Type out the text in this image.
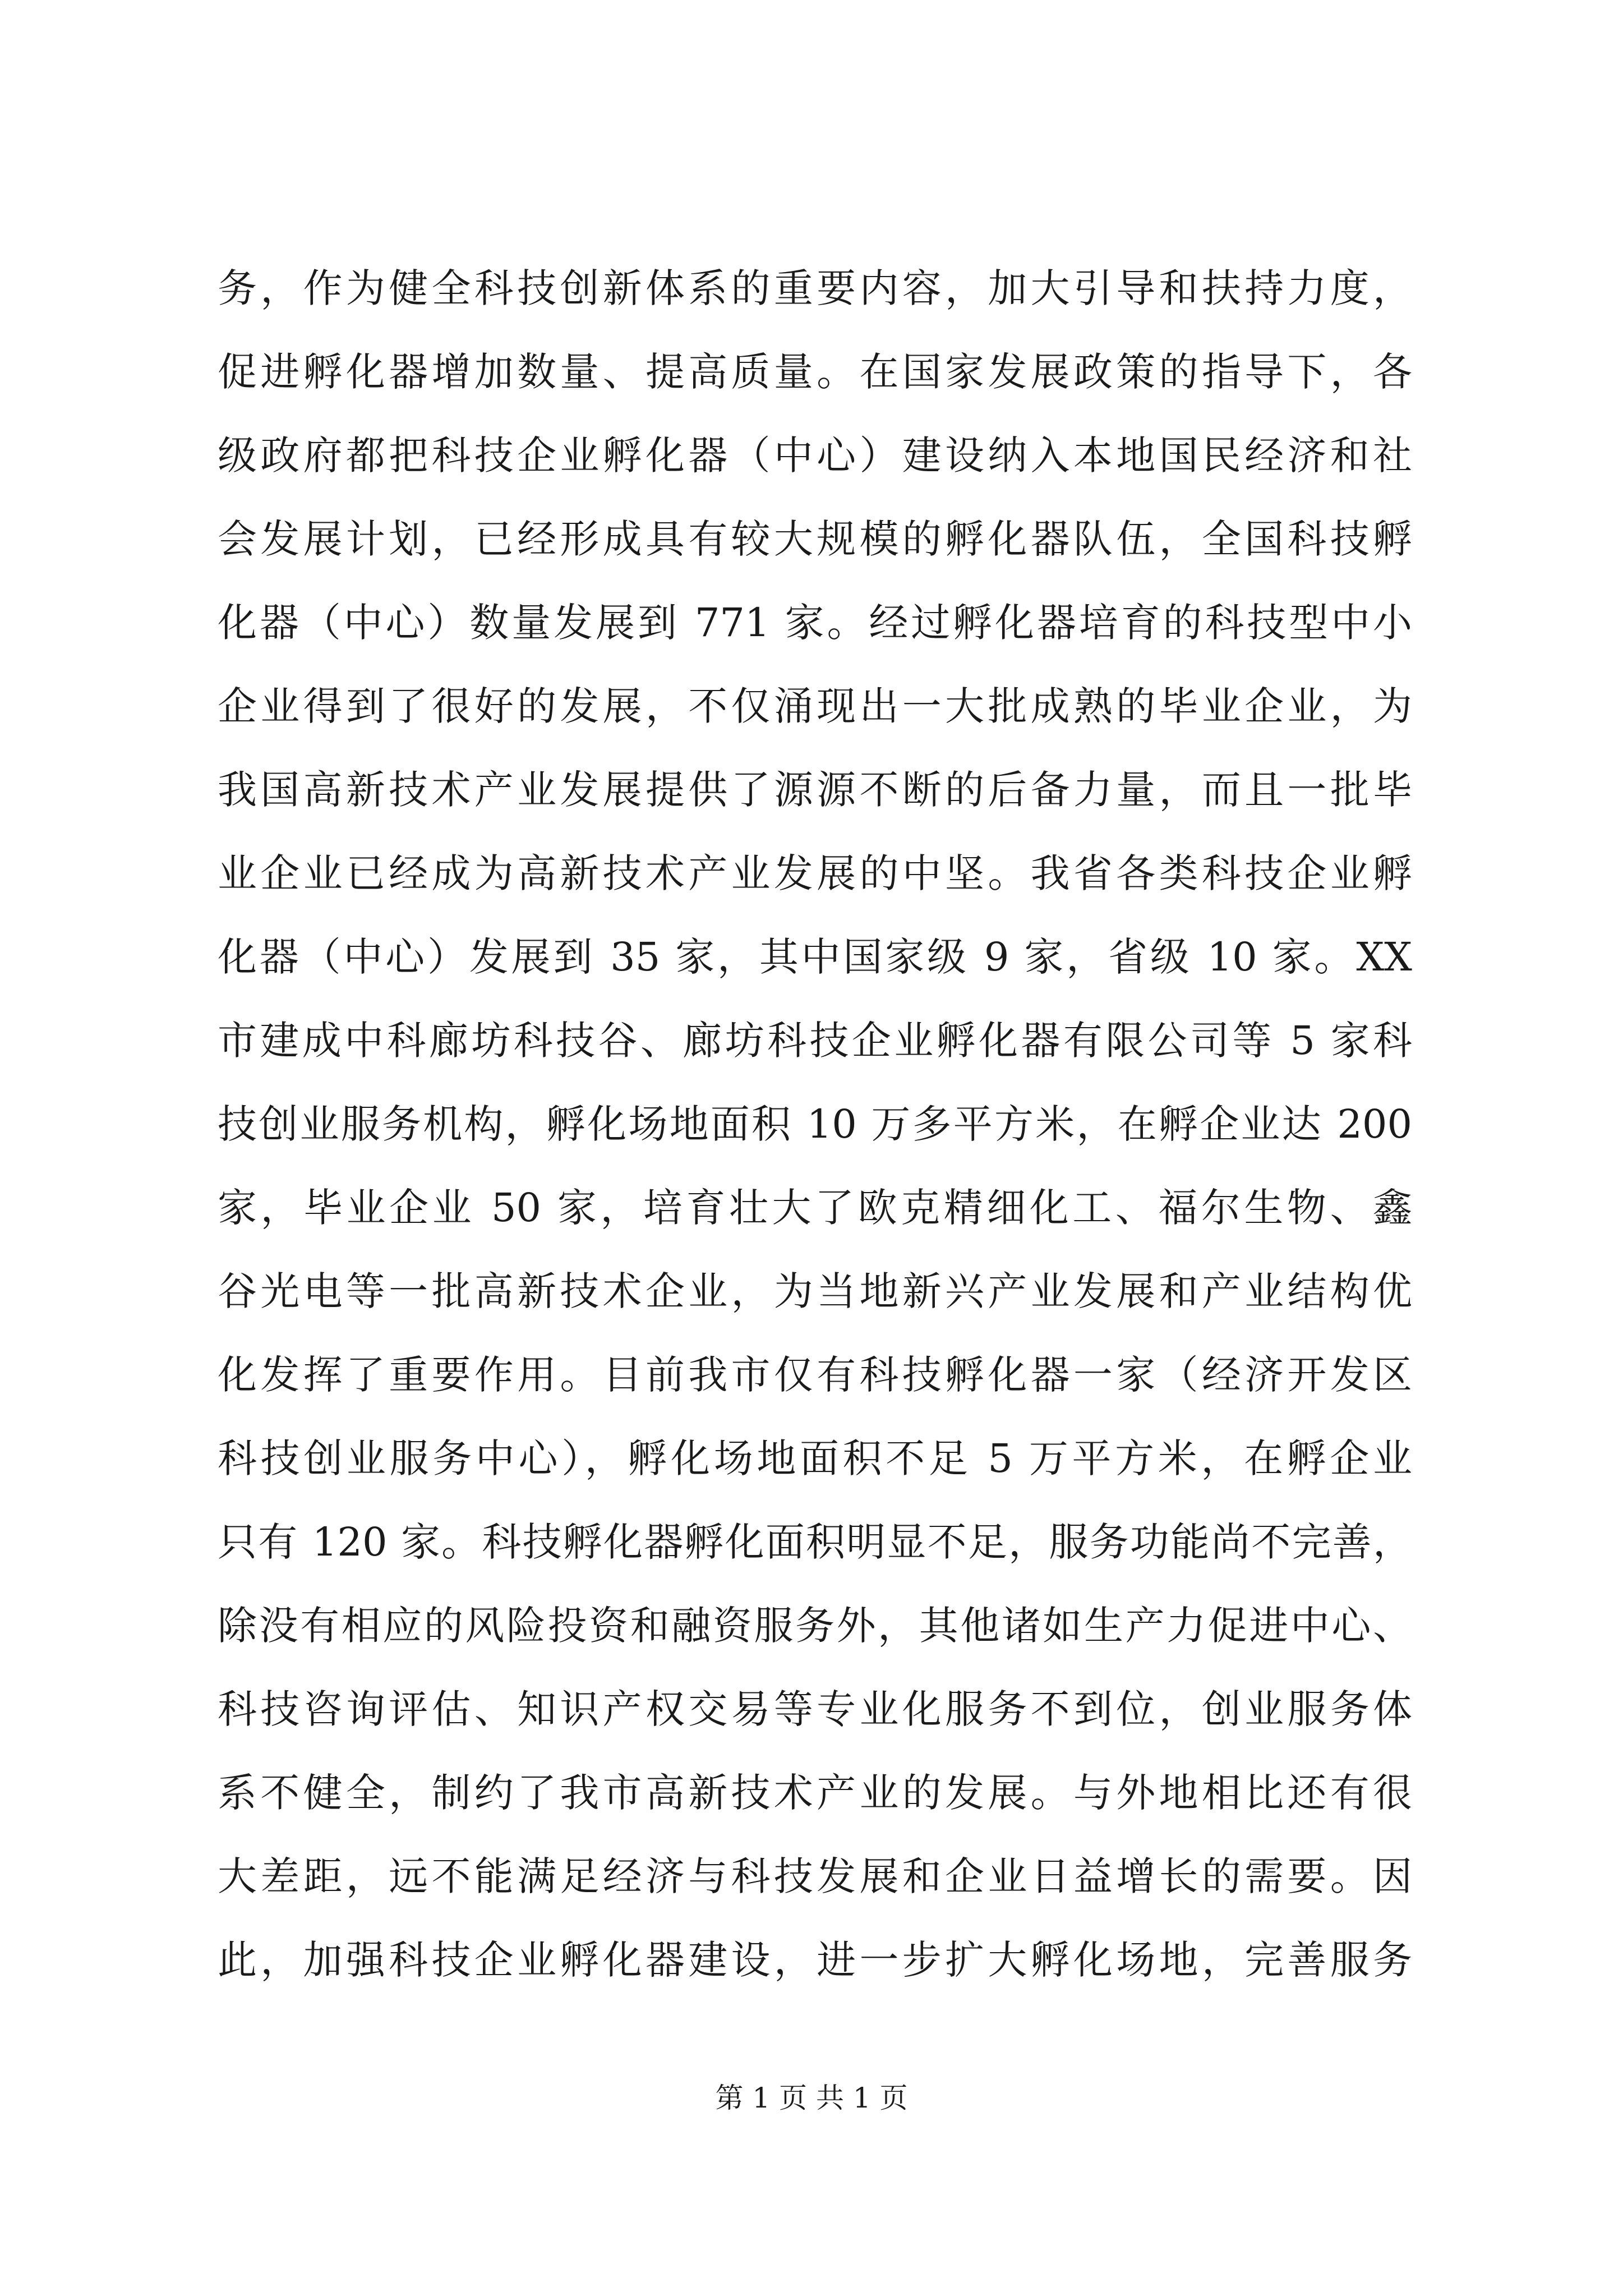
务，作为健全科技创新体系的重要内容，加大引导和扶持力度，
促进孵化器增加数量、提高质量。在国家发展政策的指导下，各
级政府都把科技企业孵化器（中心）建设纳入本地国民经济和社
会发展计划，已经形成具有较大规模的孵化器队伍，全国科技孵
化器（中心）数量发展到 771 家。经过孵化器培育的科技型中小
企业得到了很好的发展，不仅涌现出一大批成熟的毕业企业，为
我国高新技术产业发展提供了源源不断的后备力量，而且一批毕
业企业已经成为高新技术产业发展的中坚。我省各类科技企业孵
化器（中心）发展到 35 家，其中国家级 9 家，省级 10 家。XX
市建成中科廊坊科技谷、廊坊科技企业孵化器有限公司等 5 家科
技创业服务机构，孵化场地面积 10 万多平方米，在孵企业达 200
家，毕业企业 50 家，培育壮大了欧克精细化工、福尔生物、鑫
谷光电等一批高新技术企业，为当地新兴产业发展和产业结构优
化发挥了重要作用。目前我市仅有科技孵化器一家（经济开发区
科技创业服务中心），孵化场地面积不足 5 万平方米，在孵企业
只有 120 家。科技孵化器孵化面积明显不足，服务功能尚不完善，
除没有相应的风险投资和融资服务外，其他诸如生产力促进中心、
科技咨询评估、知识产权交易等专业化服务不到位，创业服务体
系不健全，制约了我市高新技术产业的发展。与外地相比还有很
大差距，远不能满足经济与科技发展和企业日益增长的需要。因
此，加强科技企业孵化器建设，进一步扩大孵化场地，完善服务
第 1 页 共 1 页
